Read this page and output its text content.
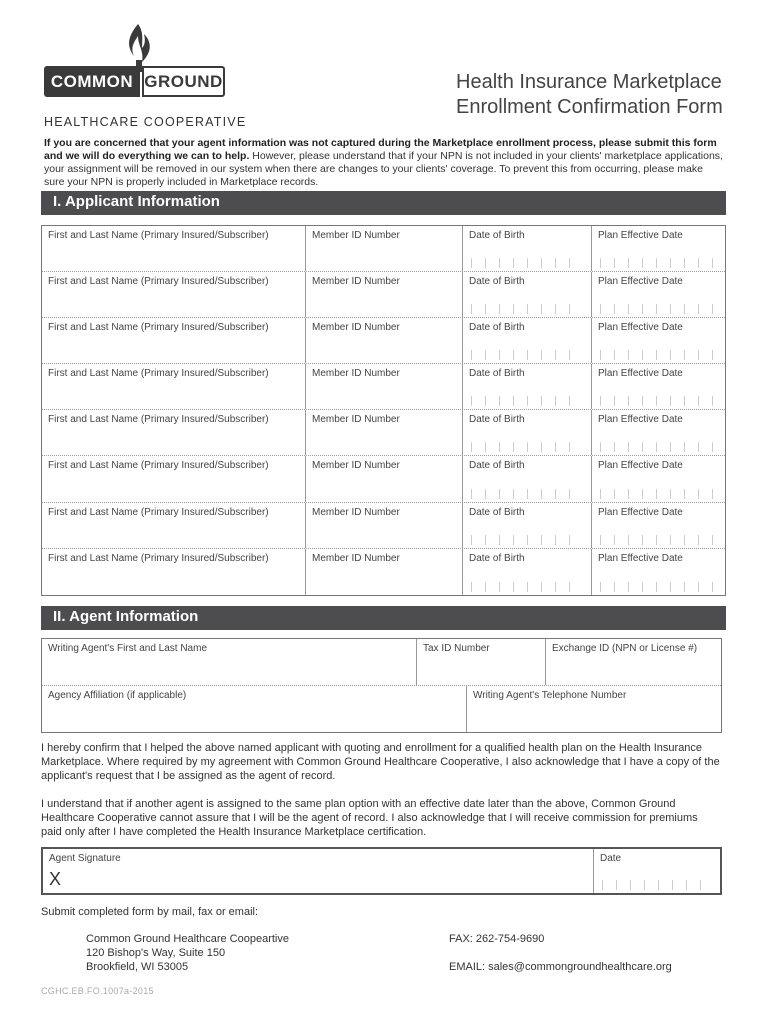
COMMON GROUND
HEALTHCARE COOPERATIVE
Health Insurance Marketplace
Enrollment Confirmation Form
If you are concerned that your agent information was not captured during the Marketplace enrollment process, please submit this form and we will do everything we can to help. However, please understand that if your NPN is not included in your clients' marketplace applications, your assignment will be removed in our system when there are changes to your clients' coverage. To prevent this from occurring, please make sure your NPN is properly included in Marketplace records.
I. Applicant Information
First and Last Name (Primary Insured/Subscriber)	Member ID Number	Date of Birth	Plan Effective Date
First and Last Name (Primary Insured/Subscriber)	Member ID Number	Date of Birth	Plan Effective Date
First and Last Name (Primary Insured/Subscriber)	Member ID Number	Date of Birth	Plan Effective Date
First and Last Name (Primary Insured/Subscriber)	Member ID Number	Date of Birth	Plan Effective Date
First and Last Name (Primary Insured/Subscriber)	Member ID Number	Date of Birth	Plan Effective Date
First and Last Name (Primary Insured/Subscriber)	Member ID Number	Date of Birth	Plan Effective Date
First and Last Name (Primary Insured/Subscriber)	Member ID Number	Date of Birth	Plan Effective Date
First and Last Name (Primary Insured/Subscriber)	Member ID Number	Date of Birth	Plan Effective Date
II. Agent Information
Writing Agent's First and Last Name	Tax ID Number	Exchange ID (NPN or License #)
Agency Affiliation (if applicable)	Writing Agent's Telephone Number
I hereby confirm that I helped the above named applicant with quoting and enrollment for a qualified health plan on the Health Insurance Marketplace. Where required by my agreement with Common Ground Healthcare Cooperative, I also acknowledge that I have a copy of the applicant's request that I be assigned as the agent of record.
I understand that if another agent is assigned to the same plan option with an effective date later than the above, Common Ground Healthcare Cooperative cannot assure that I will be the agent of record. I also acknowledge that I will receive commission for premiums paid only after I have completed the Health Insurance Marketplace certification.
Agent Signature
X
Date
Submit completed form by mail, fax or email:
Common Ground Healthcare Coopeartive
120 Bishop's Way, Suite 150
Brookfield, WI 53005
FAX: 262-754-9690
EMAIL: sales@commongroundhealthcare.org
CGHC.EB.FO.1007a-2015
